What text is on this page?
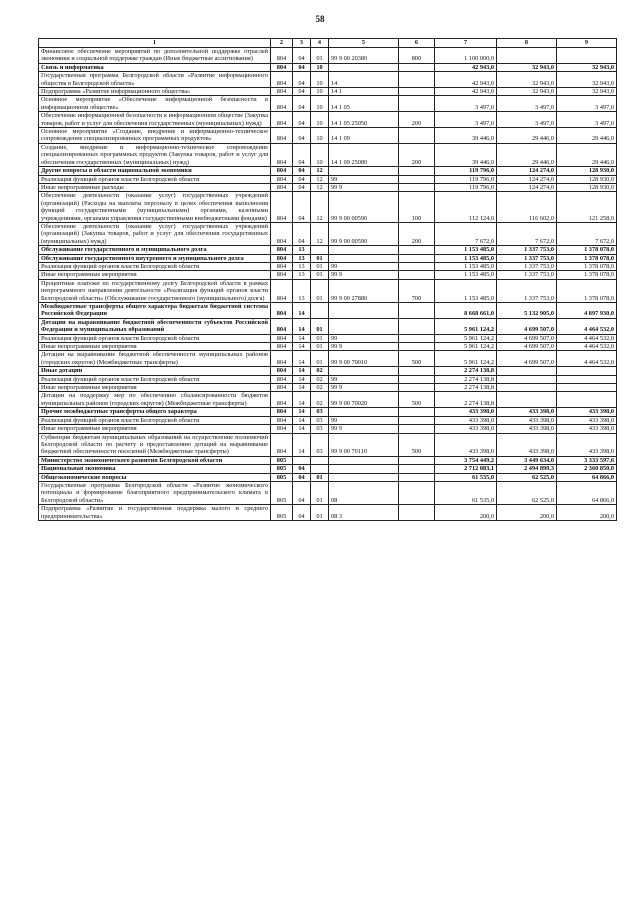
58
1	2	3	4	5	6	7	8	9
Финансовое обеспечение мероприятий по дополнительной поддержке отраслей экономики и социальной поддержке граждан (Иные бюджетные ассигнования)	804	04	01	99 9 00 20380	800	1 100 000,0		
Связь и информатика	804	04	10			42 943,0	32 943,0	32 943,0
Государственная программа Белгородской области «Развитие информационного общества в Белгородской области»	804	04	10	14		42 943,0	32 943,0	32 943,0
Подпрограмма «Развитие информационного общества»	804	04	10	14 1		42 943,0	32 943,0	32 943,0
Основное мероприятие «Обеспечение информационной безопасности в информационном обществе»	804	04	10	14 1 05		3 497,0	3 497,0	3 497,0
Обеспечение информационной безопасности в информационном обществе (Закупка товаров, работ и услуг для обеспечения государственных (муниципальных) нужд)	804	04	10	14 1 05 25050	200	3 497,0	3 497,0	3 497,0
Основное мероприятие «Создание, внедрение и информационно-техническое сопровождение специализированных программных продуктов»	804	04	10	14 1 09		39 446,0	29 446,0	29 446,0
Создание, внедрение и информационно-техническое сопровождение специализированных программных продуктов (Закупка товаров, работ и услуг для обеспечения государственных (муниципальных) нужд)	804	04	10	14 1 09 25080	200	39 446,0	29 446,0	29 446,0
Другие вопросы в области национальной экономики	804	04	12			119 796,0	124 274,0	128 930,0
Реализация функций органов власти Белгородской области	804	04	12	99		119 796,0	124 274,0	128 930,0
Иные непрограммные расходы	804	04	12	99 9		119 796,0	124 274,0	128 930,0
Обеспечение деятельности (оказание услуг) государственных учреждений (организаций) (Расходы на выплаты персоналу в целях обеспечения выполнения функций государственными (муниципальными) органами, казенными учреждениями, органами управления государственными внебюджетными фондами)	804	04	12	99 9 00 00590	100	112 124,0	116 602,0	121 258,0
Обеспечение деятельности (оказание услуг) государственных учреждений (организаций) (Закупка товаров, работ и услуг для обеспечения государственных (муниципальных) нужд)	804	04	12	99 9 00 00590	200	7 672,0	7 672,0	7 672,0
Обслуживание государственного и муниципального долга	804	13				1 153 485,0	1 337 753,0	1 378 078,0
Обслуживание государственного внутреннего и муниципального долга	804	13	01			1 153 485,0	1 337 753,0	1 378 078,0
Реализация функций органов власти Белгородской области	804	13	01	99		1 153 485,0	1 337 753,0	1 378 078,0
Иные непрограммные мероприятия	804	13	01	99 9		1 153 485,0	1 337 753,0	1 378 078,0
Процентные платежи по государственному долгу Белгородской области в рамках непрограммного направления деятельности «Реализация функций органов власти Белгородской области» (Обслуживание государственного (муниципального) долга)	804	13	01	99 9 00 27880	700	1 153 485,0	1 337 753,0	1 378 078,0
Межбюджетные трансферты общего характера бюджетам бюджетной системы Российской Федерации	804	14				8 668 661,0	5 132 905,0	4 897 930,0
Дотации на выравнивание бюджетной обеспеченности субъектов Российской Федерации и муниципальных образований	804	14	01			5 961 124,2	4 699 507,0	4 464 532,0
Реализация функций органов власти Белгородской области	804	14	01	99		5 961 124,2	4 699 507,0	4 464 532,0
Иные непрограммные мероприятия	804	14	01	99 9		5 961 124,2	4 699 507,0	4 464 532,0
Дотации на выравнивание бюджетной обеспеченности муниципальных районов (городских округов) (Межбюджетные трансферты)	804	14	01	99 9 00 70010	500	5 961 124,2	4 699 507,0	4 464 532,0
Иные дотации	804	14	02			2 274 138,8		
Реализация функций органов власти Белгородской области	804	14	02	99		2 274 138,8		
Иные непрограммные мероприятия	804	14	02	99 9		2 274 138,8		
Дотации на поддержку мер по обеспечению сбалансированности бюджетов муниципальных районов (городских округов) (Межбюджетные трансферты)	804	14	02	99 9 00 70020	500	2 274 138,8		
Прочие межбюджетные трансферты общего характера	804	14	03			433 398,0	433 398,0	433 398,0
Реализация функций органов власти Белгородской области	804	14	03	99		433 398,0	433 398,0	433 398,0
Иные непрограммные мероприятия	804	14	03	99 9		433 398,0	433 398,0	433 398,0
Субвенции бюджетам муниципальных образований на осуществление полномочий Белгородской области по расчету и предоставлению дотаций на выравнивание бюджетной обеспеченности поселений (Межбюджетные трансферты)	804	14	03	99 9 00 70110	500	433 398,0	433 398,0	433 398,0
Министерство экономического развития Белгородской области	805					3 754 449,2	3 449 634,0	3 333 597,6
Национальная экономика	805	04				2 712 083,1	2 494 899,3	2 360 850,0
Общеэкономические вопросы	805	04	01			61 535,0	62 525,0	64 866,0
Государственная программа Белгородской области «Развитие экономического потенциала и формирование благоприятного предпринимательского климата в Белгородской области»	805	04	01	08		61 535,0	62 525,0	64 866,0
Подпрограмма «Развитие и государственная поддержка малого и среднего предпринимательства»	805	04	01	08 3		200,0	200,0	200,0
